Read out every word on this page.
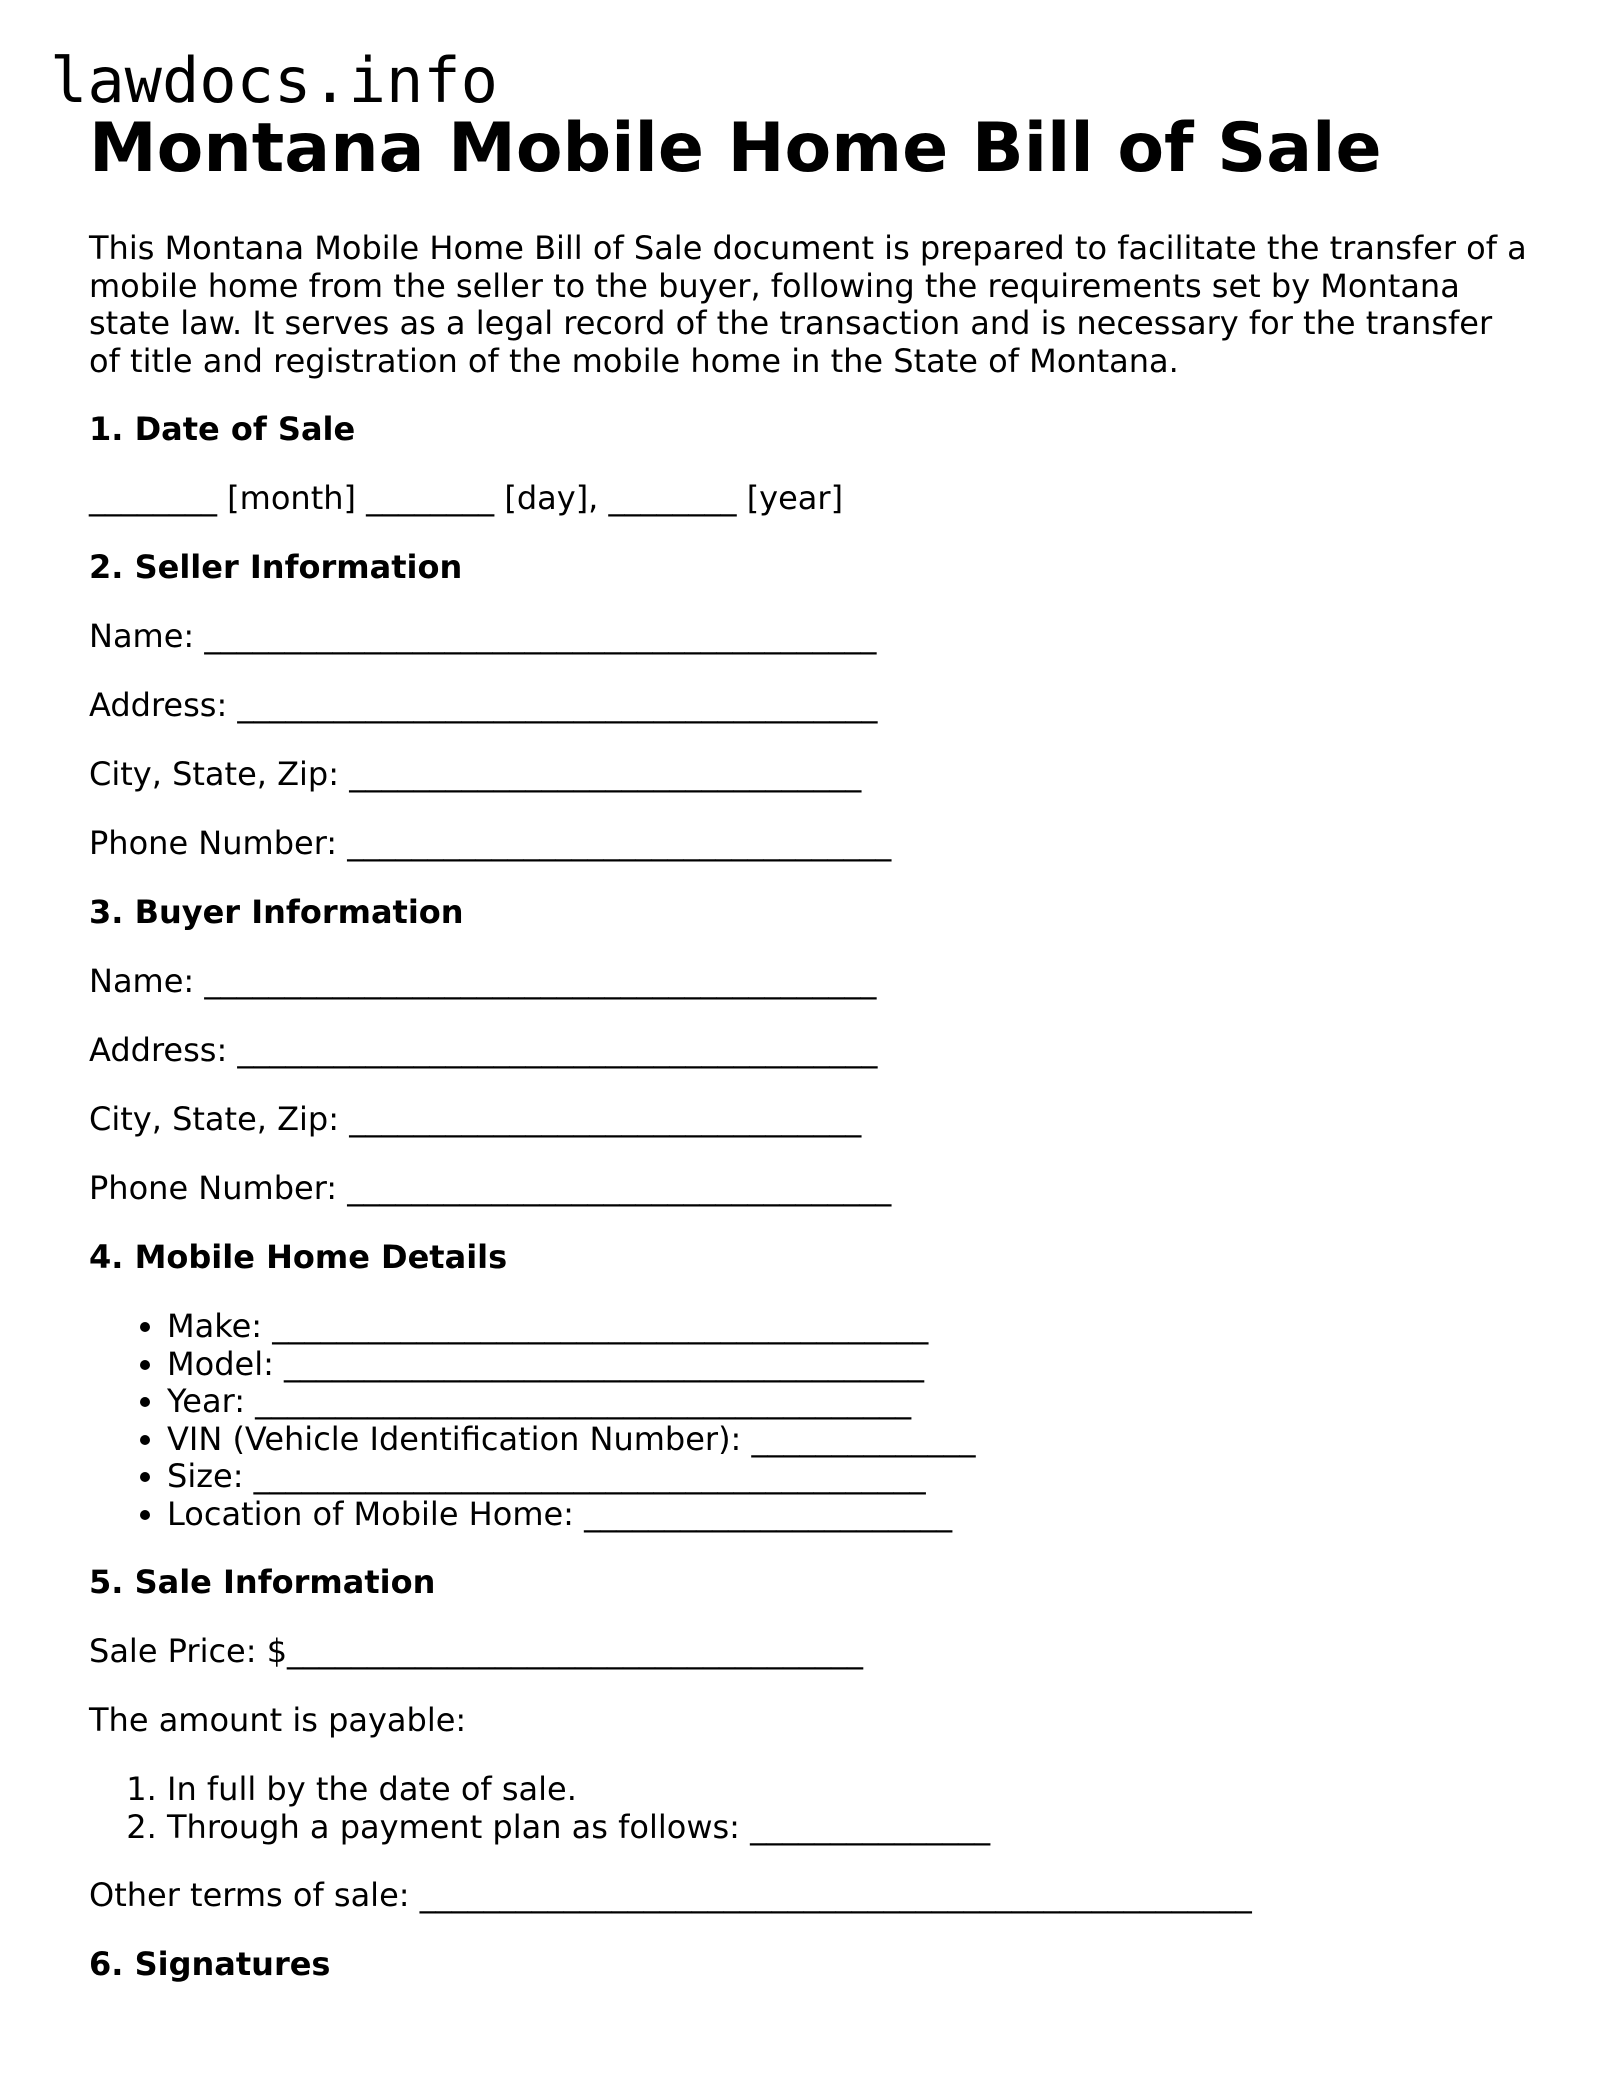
lawdocs.info
Montana Mobile Home Bill of Sale

This Montana Mobile Home Bill of Sale document is prepared to facilitate the transfer of a mobile home from the seller to the buyer, following the requirements set by Montana state law. It serves as a legal record of the transaction and is necessary for the transfer of title and registration of the mobile home in the State of Montana.

1. Date of Sale
________ [month] ________ [day], ________ [year]
2. Seller Information
Name: __________________________________________
Address: ________________________________________
City, State, Zip: ________________________________
Phone Number: __________________________________
3. Buyer Information
Name: __________________________________________
Address: ________________________________________
City, State, Zip: ________________________________
Phone Number: __________________________________
4. Mobile Home Details
• Make: _________________________________________
• Model: ________________________________________
• Year: _________________________________________
• VIN (Vehicle Identification Number): ______________
• Size: __________________________________________
• Location of Mobile Home: _______________________
5. Sale Information
Sale Price: $____________________________________
The amount is payable:
1. In full by the date of sale.
2. Through a payment plan as follows: _______________
Other terms of sale: ____________________________________________________
6. Signatures
